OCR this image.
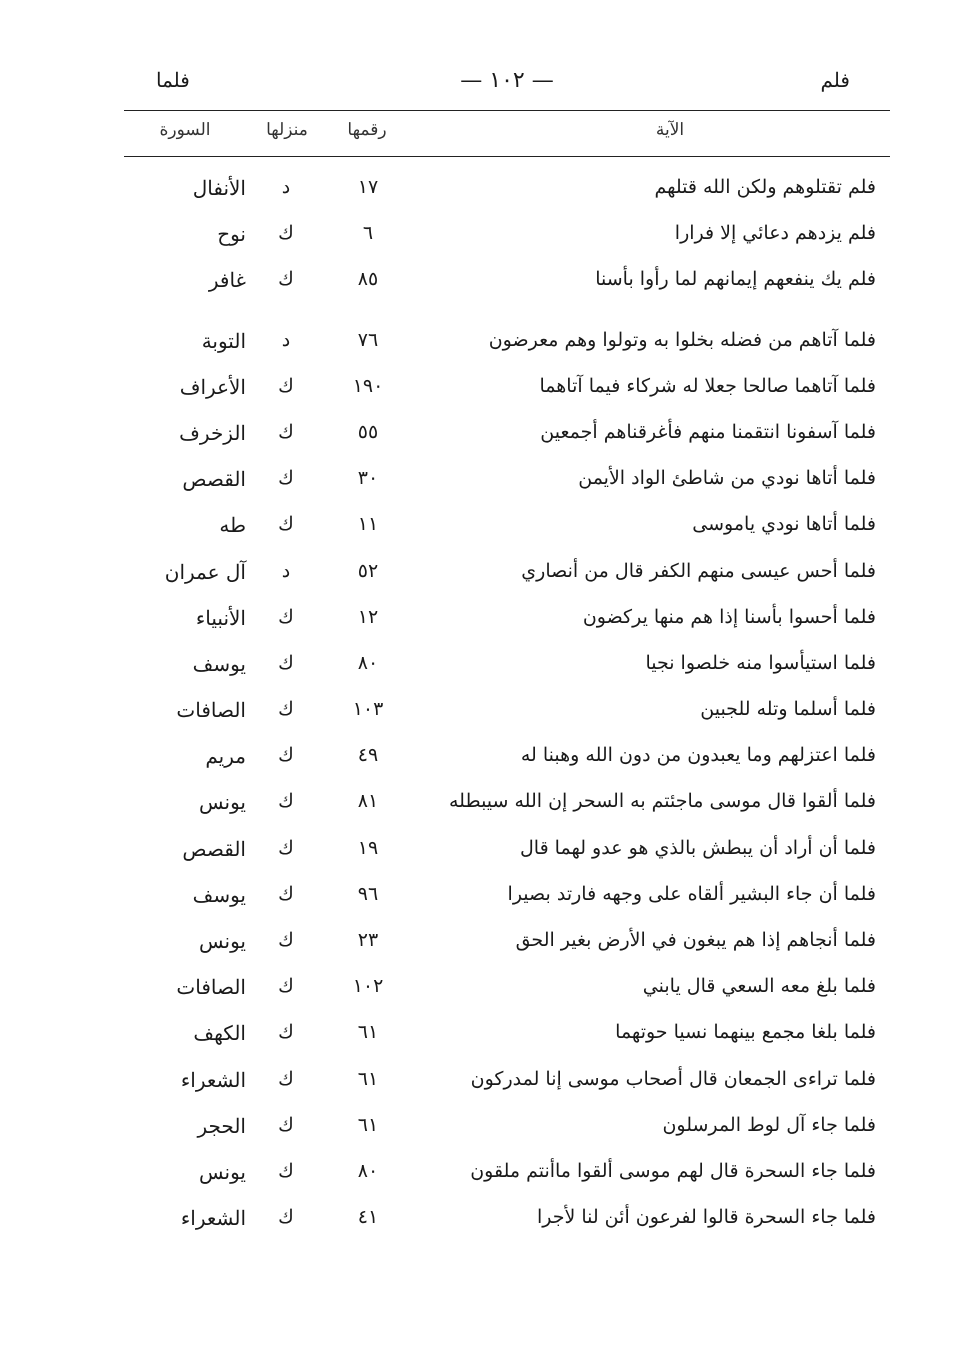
فلم
— ١٠٢ —
فلما
الآية
رقمها
منزلها
السورة
فلم تقتلوهم ولكن الله قتلهم
١٧
د
الأنفال
فلم يزدهم دعائي إلا فرارا
٦
ك
نوح
فلم يك ينفعهم إيمانهم لما رأوا بأسنا
٨٥
ك
غافر
فلما آتاهم من فضله بخلوا به وتولوا وهم معرضون
٧٦
د
التوبة
فلما آتاهما صالحا جعلا له شركاء فيما آتاهما
١٩٠
ك
الأعراف
فلما آسفونا انتقمنا منهم فأغرقناهم أجمعين
٥٥
ك
الزخرف
فلما أتاها نودي من شاطئ الواد الأيمن
٣٠
ك
القصص
فلما أتاها نودي ياموسى
١١
ك
طه
فلما أحس عيسى منهم الكفر قال من أنصاري
٥٢
د
آل عمران
فلما أحسوا بأسنا إذا هم منها يركضون
١٢
ك
الأنبياء
فلما استيأسوا منه خلصوا نجيا
٨٠
ك
يوسف
فلما أسلما وتله للجبين
١٠٣
ك
الصافات
فلما اعتزلهم وما يعبدون من دون الله وهبنا له
٤٩
ك
مريم
فلما ألقوا قال موسى ماجئتم به السحر إن الله سيبطله
٨١
ك
يونس
فلما أن أراد أن يبطش بالذي هو عدو لهما قال
١٩
ك
القصص
فلما أن جاء البشير ألقاه على وجهه فارتد بصيرا
٩٦
ك
يوسف
فلما أنجاهم إذا هم يبغون في الأرض بغير الحق
٢٣
ك
يونس
فلما بلغ معه السعي قال يابني
١٠٢
ك
الصافات
فلما بلغا مجمع بينهما نسيا حوتهما
٦١
ك
الكهف
فلما تراءى الجمعان قال أصحاب موسى إنا لمدركون
٦١
ك
الشعراء
فلما جاء آل لوط المرسلون
٦١
ك
الحجر
فلما جاء السحرة قال لهم موسى ألقوا ماأنتم ملقون
٨٠
ك
يونس
فلما جاء السحرة قالوا لفرعون أئن لنا لأجرا
٤١
ك
الشعراء
